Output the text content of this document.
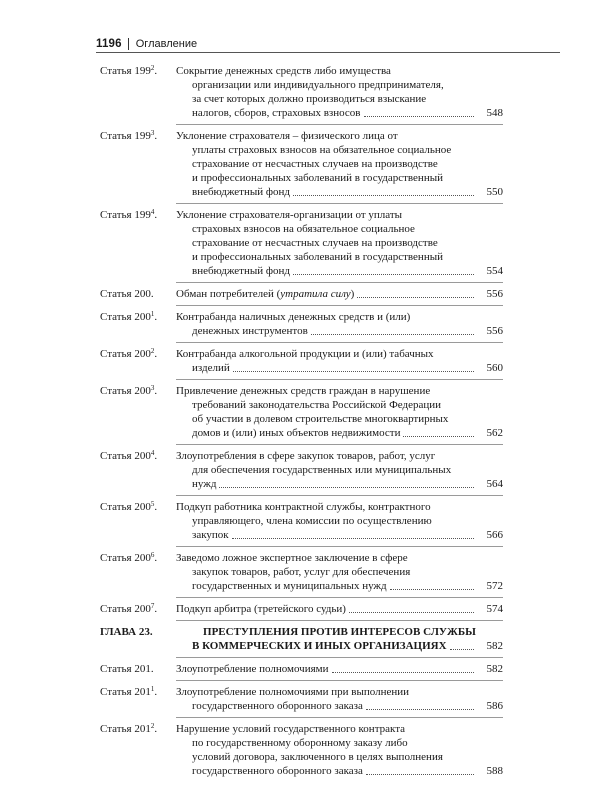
1196 Оглавление
Статья $199^2$.	Сокрытие денежных средств либо имущества
организации или индивидуального предпринимателя,
за счет которых должно производиться взыскание
налогов, сборов, страховых взносов	548
Статья $199^3$.	Уклонение страхователя – физического лица от
уплаты страховых взносов на обязательное социальное
страхование от несчастных случаев на производстве
и профессиональных заболеваний в государственный
внебюджетный фонд	550
Статья $199^4$.	Уклонение страхователя-организации от уплаты
страховых взносов на обязательное социальное
страхование от несчастных случаев на производстве
и профессиональных заболеваний в государственный
внебюджетный фонд	554
Статья 200.	Обман потребителей (утратила силу)	556
Статья $200^1$.	Контрабанда наличных денежных средств и (или)
денежных инструментов	556
Статья $200^2$.	Контрабанда алкогольной продукции и (или) табачных
изделий	560
Статья $200^3$.	Привлечение денежных средств граждан в нарушение
требований законодательства Российской Федерации
об участии в долевом строительстве многоквартирных
домов и (или) иных объектов недвижимости	562
Статья $200^4$.	Злоупотребления в сфере закупок товаров, работ, услуг
для обеспечения государственных или муниципальных
нужд	564
Статья $200^5$.	Подкуп работника контрактной службы, контрактного
управляющего, члена комиссии по осуществлению
закупок	566
Статья $200^6$.	Заведомо ложное экспертное заключение в сфере
закупок товаров, работ, услуг для обеспечения
государственных и муниципальных нужд	572
Статья $200^7$.	Подкуп арбитра (третейского судьи)	574
ГЛАВА 23.	ПРЕСТУПЛЕНИЯ ПРОТИВ ИНТЕРЕСОВ СЛУЖБЫ
В КОММЕРЧЕСКИХ И ИНЫХ ОРГАНИЗАЦИЯХ	582
Статья 201.	Злоупотребление полномочиями	582
Статья $201^1$.	Злоупотребление полномочиями при выполнении
государственного оборонного заказа	586
Статья $201^2$.	Нарушение условий государственного контракта
по государственному оборонному заказу либо
условий договора, заключенного в целях выполнения
государственного оборонного заказа	588
